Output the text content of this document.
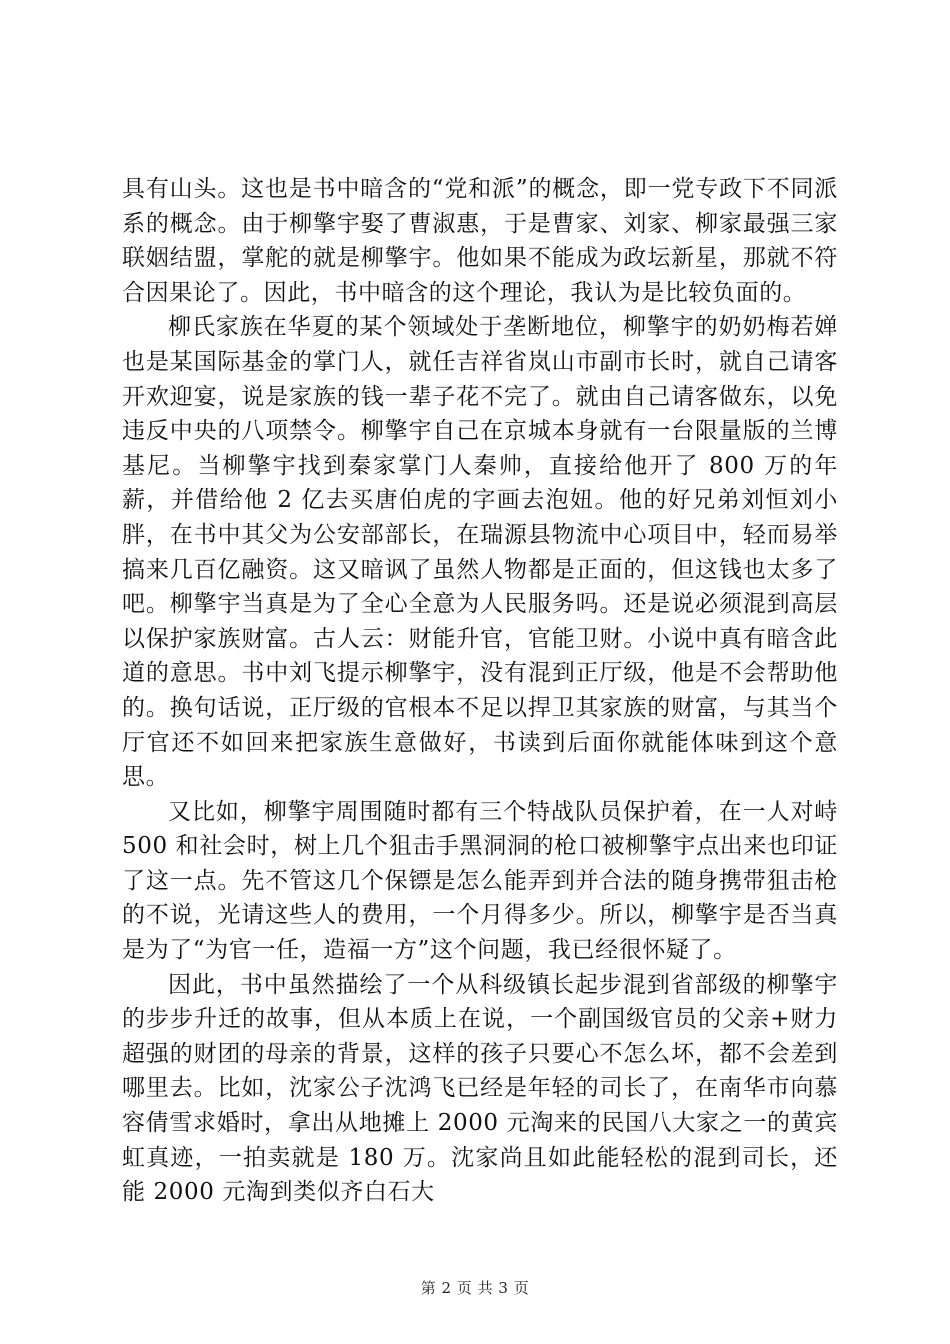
具有山头。这也是书中暗含的“党和派”的概念，即一党专政下不同派系的概念。由于柳擎宇娶了曹淑惠，于是曹家、刘家、柳家最强三家联姻结盟，掌舵的就是柳擎宇。他如果不能成为政坛新星，那就不符合因果论了。因此，书中暗含的这个理论，我认为是比较负面的。

柳氏家族在华夏的某个领域处于垄断地位，柳擎宇的奶奶梅若婵也是某国际基金的掌门人，就任吉祥省岚山市副市长时，就自己请客开欢迎宴，说是家族的钱一辈子花不完了。就由自己请客做东，以免违反中央的八项禁令。柳擎宇自己在京城本身就有一台限量版的兰博基尼。当柳擎宇找到秦家掌门人秦帅，直接给他开了 800 万的年薪，并借给他 2 亿去买唐伯虎的字画去泡妞。他的好兄弟刘恒刘小胖，在书中其父为公安部部长，在瑞源县物流中心项目中，轻而易举搞来几百亿融资。这又暗讽了虽然人物都是正面的，但这钱也太多了吧。柳擎宇当真是为了全心全意为人民服务吗。还是说必须混到高层以保护家族财富。古人云：财能升官，官能卫财。小说中真有暗含此道的意思。书中刘飞提示柳擎宇，没有混到正厅级，他是不会帮助他的。换句话说，正厅级的官根本不足以捍卫其家族的财富，与其当个厅官还不如回来把家族生意做好，书读到后面你就能体味到这个意思。

又比如，柳擎宇周围随时都有三个特战队员保护着，在一人对峙 500 和社会时，树上几个狙击手黑洞洞的枪口被柳擎宇点出来也印证了这一点。先不管这几个保镖是怎么能弄到并合法的随身携带狙击枪的不说，光请这些人的费用，一个月得多少。所以，柳擎宇是否当真是为了“为官一任，造福一方”这个问题，我已经很怀疑了。

因此，书中虽然描绘了一个从科级镇长起步混到省部级的柳擎宇的步步升迁的故事，但从本质上在说，一个副国级官员的父亲+财力超强的财团的母亲的背景，这样的孩子只要心不怎么坏，都不会差到哪里去。比如，沈家公子沈鸿飞已经是年轻的司长了，在南华市向慕容倩雪求婚时，拿出从地摊上 2000 元淘来的民国八大家之一的黄宾虹真迹，一拍卖就是 180 万。沈家尚且如此能轻松的混到司长，还能 2000 元淘到类似齐白石大

第 2 页 共 3 页
